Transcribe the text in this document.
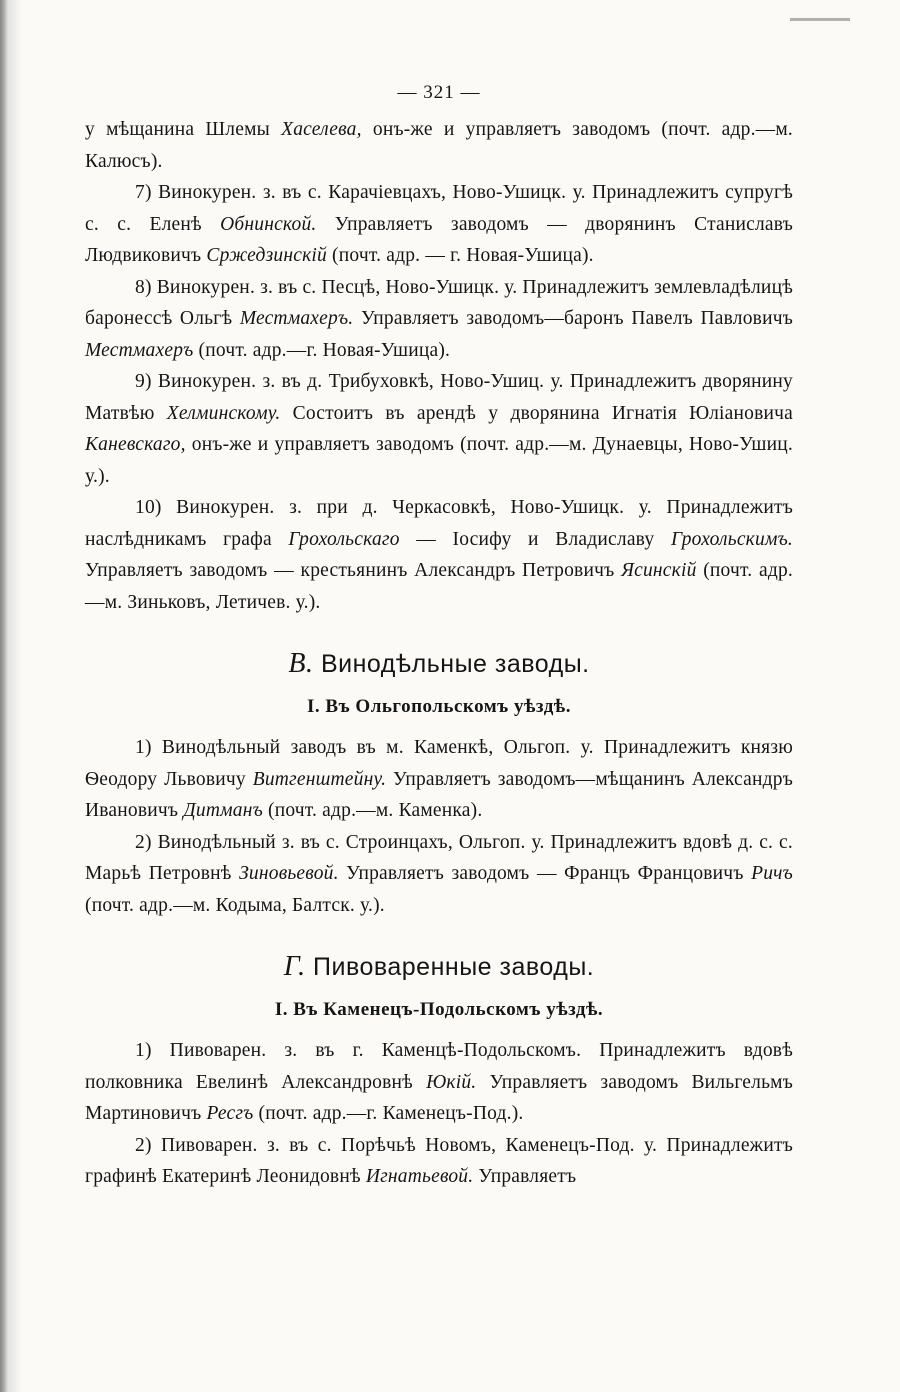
— 321 —

у мѣщанина Шлемы Хаселева, онъ-же и управляетъ заводомъ (почт. адр.—м. Калюсъ).

7) Винокурен. з. въ с. Карачіевцахъ, Ново-Ушицк. у. Принадлежитъ супругѣ с. с. Еленѣ Обнинской. Управляетъ заводомъ — дворянинъ Станиславъ Людвиковичъ Сржедзинскій (почт. адр. — г. Новая-Ушица).

8) Винокурен. з. въ с. Песцѣ, Ново-Ушицк. у. Принадлежитъ землевладѣлицѣ баронессѣ Ольгѣ Местмахеръ. Управляетъ заводомъ—баронъ Павелъ Павловичъ Местмахеръ (почт. адр.—г. Новая-Ушица).

9) Винокурен. з. въ д. Трибуховкѣ, Ново-Ушиц. у. Принадлежитъ дворянину Матвѣю Хелминскому. Состоитъ въ арендѣ у дворянина Игнатія Юліановича Каневскаго, онъ-же и управляетъ заводомъ (почт. адр.—м. Дунаевцы, Ново-Ушиц. у.).

10) Винокурен. з. при д. Черкасовкѣ, Ново-Ушицк. у. Принадлежитъ наслѣдникамъ графа Грохольскаго — Іосифу и Владиславу Грохольскимъ. Управляетъ заводомъ — крестьянинъ Александръ Петровичъ Ясинскій (почт. адр.—м. Зиньковъ, Летичев. у.).

В. Винодѣльные заводы.
I. Въ Ольгопольскомъ уѣздѣ.

1) Винодѣльный заводъ въ м. Каменкѣ, Ольгоп. у. Принадлежитъ князю Ѳеодору Львовичу Витгенштейну. Управляетъ заводомъ—мѣщанинъ Александръ Ивановичъ Дитманъ (почт. адр.—м. Каменка).

2) Винодѣльный з. въ с. Строинцахъ, Ольгоп. у. Принадлежитъ вдовѣ д. с. с. Марьѣ Петровнѣ Зиновьевой. Управляетъ заводомъ — Францъ Францовичъ Ричъ (почт. адр.—м. Кодыма, Балтск. у.).

Г. Пивоваренные заводы.
I. Въ Каменецъ-Подольскомъ уѣздѣ.

1) Пивоварен. з. въ г. Каменцѣ-Подольскомъ. Принадлежитъ вдовѣ полковника Евелинѣ Александровнѣ Юкій. Управляетъ заводомъ Вильгельмъ Мартиновичъ Ресгъ (почт. адр.—г. Каменецъ-Под.).

2) Пивоварен. з. въ с. Порѣчьѣ Новомъ, Каменецъ-Под. у. Принадлежитъ графинѣ Екатеринѣ Леонидовнѣ Игнатьевой. Управляетъ
